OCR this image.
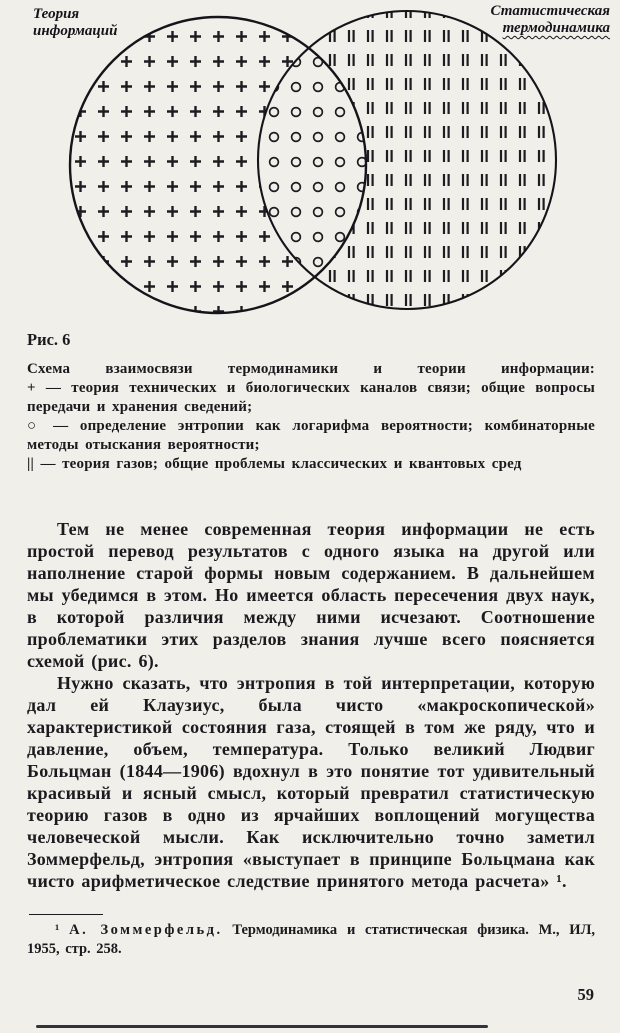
Теория
информаций
Статистическая
термодинамика
Рис. 6

Схема взаимосвязи термодинамики и теории информации:

+ — теория технических и биологических каналов связи; общие вопросы передачи и хранения сведений;

○ — определение энтропии как логарифма вероятности; комбинаторные методы отыскания вероятности;

|| — теория газов; общие проблемы классических и квантовых сред

Тем не менее современная теория информации не есть простой перевод результатов с одного языка на другой или наполнение старой формы новым содержанием. В дальнейшем мы убедимся в этом. Но имеется область пересечения двух наук, в которой различия между ними исчезают. Соотношение проблематики этих разделов знания лучше всего поясняется схемой (рис. 6).

Нужно сказать, что энтропия в той интерпретации, которую дал ей Клаузиус, была чисто «макроскопической» характеристикой состояния газа, стоящей в том же ряду, что и давление, объем, температура. Только великий Людвиг Больцман (1844—1906) вдохнул в это понятие тот удивительный красивый и ясный смысл, который превратил статистическую теорию газов в одно из ярчайших воплощений могущества человеческой мысли. Как исключительно точно заметил Зоммерфельд, энтропия «выступает в принципе Больцмана как чисто арифметическое следствие принятого метода расчета» ¹.

¹ А. Зоммерфельд. Термодинамика и статистическая физика. М., ИЛ, 1955, стр. 258.

59
